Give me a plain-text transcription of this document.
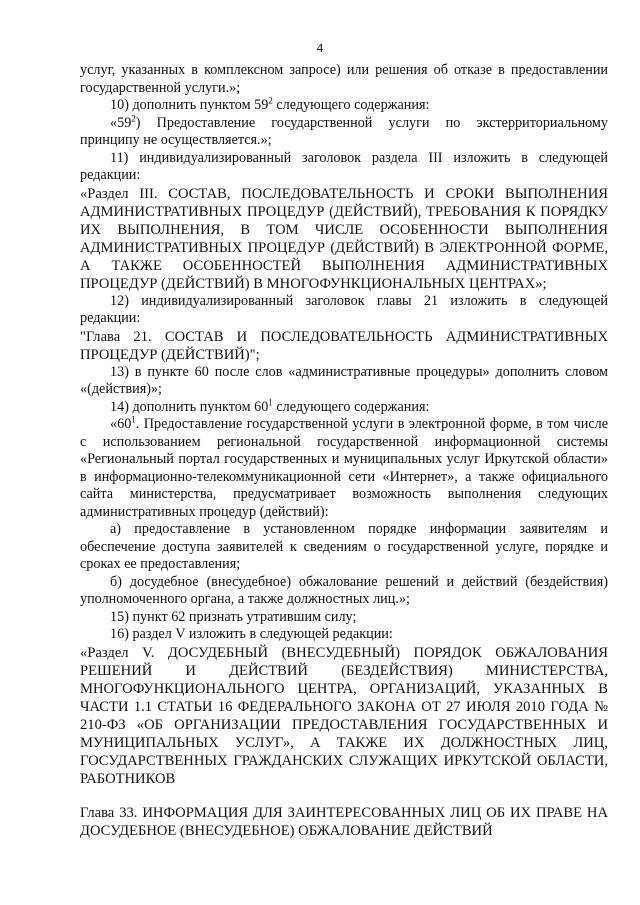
4

услуг, указанных в комплексном запросе) или решения об отказе в предоставлении государственной услуги.»;

10) дополнить пунктом $59^2$ следующего содержания:

«$59^2$) Предоставление государственной услуги по экстерриториальному принципу не осуществляется.»;

11) индивидуализированный заголовок раздела III изложить в следующей редакции:

«Раздел III. СОСТАВ, ПОСЛЕДОВАТЕЛЬНОСТЬ И СРОКИ ВЫПОЛНЕНИЯ АДМИНИСТРАТИВНЫХ ПРОЦЕДУР (ДЕЙСТВИЙ), ТРЕБОВАНИЯ К ПОРЯДКУ ИХ ВЫПОЛНЕНИЯ, В ТОМ ЧИСЛЕ ОСОБЕННОСТИ ВЫПОЛНЕНИЯ АДМИНИСТРАТИВНЫХ ПРОЦЕДУР (ДЕЙСТВИЙ) В ЭЛЕКТРОННОЙ ФОРМЕ, А ТАКЖЕ ОСОБЕННОСТЕЙ ВЫПОЛНЕНИЯ АДМИНИСТРАТИВНЫХ ПРОЦЕДУР (ДЕЙСТВИЙ) В МНОГОФУНКЦИОНАЛЬНЫХ ЦЕНТРАХ»;

12) индивидуализированный заголовок главы 21 изложить в следующей редакции:

"Глава 21. СОСТАВ И ПОСЛЕДОВАТЕЛЬНОСТЬ АДМИНИСТРАТИВНЫХ ПРОЦЕДУР (ДЕЙСТВИЙ)";

13) в пункте 60 после слов «административные процедуры» дополнить словом «(действия)»;

14) дополнить пунктом $60^1$ следующего содержания:

«$60^1$. Предоставление государственной услуги в электронной форме, в том числе с использованием региональной государственной информационной системы «Региональный портал государственных и муниципальных услуг Иркутской области» в информационно-телекоммуникационной сети «Интернет», а также официального сайта министерства, предусматривает возможность выполнения следующих административных процедур (действий):

а) предоставление в установленном порядке информации заявителям и обеспечение доступа заявителей к сведениям о государственной услуге, порядке и сроках ее предоставления;

б) досудебное (внесудебное) обжалование решений и действий (бездействия) уполномоченного органа, а также должностных лиц.»;

15) пункт 62 признать утратившим силу;

16) раздел V изложить в следующей редакции:

«Раздел V. ДОСУДЕБНЫЙ (ВНЕСУДЕБНЫЙ) ПОРЯДОК ОБЖАЛОВАНИЯ РЕШЕНИЙ И ДЕЙСТВИЙ (БЕЗДЕЙСТВИЯ) МИНИСТЕРСТВА, МНОГОФУНКЦИОНАЛЬНОГО ЦЕНТРА, ОРГАНИЗАЦИЙ, УКАЗАННЫХ В ЧАСТИ 1.1 СТАТЬИ 16 ФЕДЕРАЛЬНОГО ЗАКОНА ОТ 27 ИЮЛЯ 2010 ГОДА № 210-ФЗ «ОБ ОРГАНИЗАЦИИ ПРЕДОСТАВЛЕНИЯ ГОСУДАРСТВЕННЫХ И МУНИЦИПАЛЬНЫХ УСЛУГ», А ТАКЖЕ ИХ ДОЛЖНОСТНЫХ ЛИЦ, ГОСУДАРСТВЕННЫХ ГРАЖДАНСКИХ СЛУЖАЩИХ ИРКУТСКОЙ ОБЛАСТИ, РАБОТНИКОВ

Глава 33. ИНФОРМАЦИЯ ДЛЯ ЗАИНТЕРЕСОВАННЫХ ЛИЦ ОБ ИХ ПРАВЕ НА ДОСУДЕБНОЕ (ВНЕСУДЕБНОЕ) ОБЖАЛОВАНИЕ ДЕЙСТВИЙ
